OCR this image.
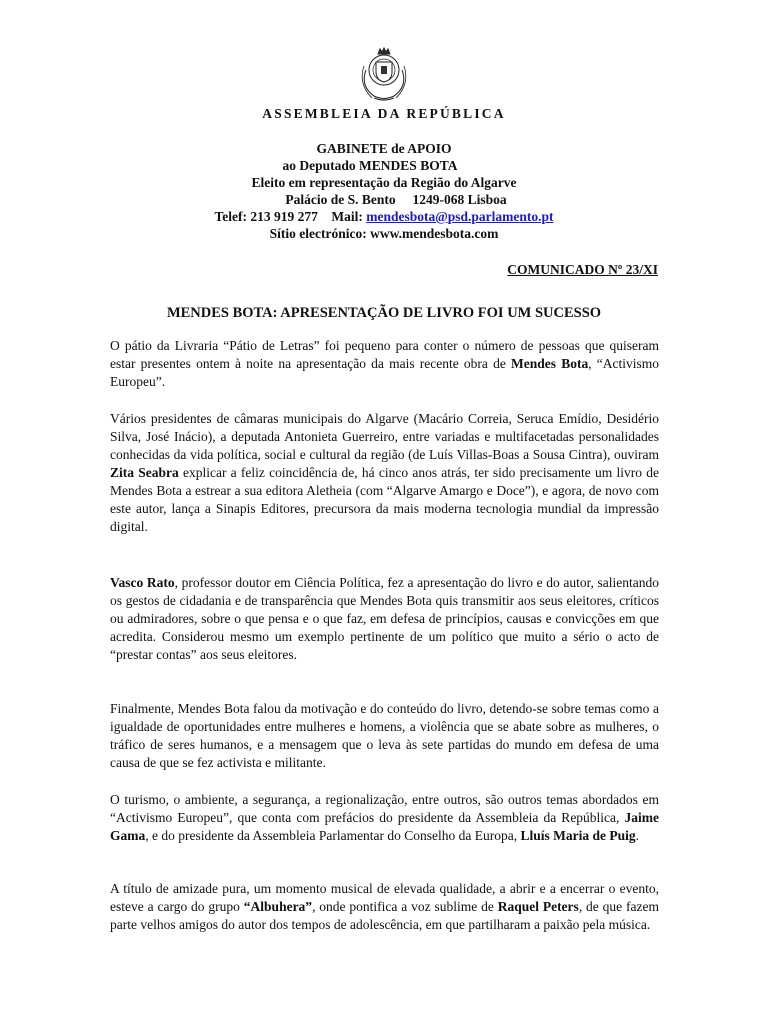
ASSEMBLEIA DA REPÚBLICA
GABINETE de APOIO
ao Deputado MENDES BOTA
Eleito em representação da Região do Algarve
Palácio de S. Bento     1249-068 Lisboa
Telef: 213 919 277    Mail: mendesbota@psd.parlamento.pt
Sítio electrónico: www.mendesbota.com
COMUNICADO Nº 23/XI
MENDES BOTA: APRESENTAÇÃO DE LIVRO FOI UM SUCESSO

O pátio da Livraria “Pátio de Letras” foi pequeno para conter o número de pessoas que quiseram estar presentes ontem à noite na apresentação da mais recente obra de Mendes Bota, “Activismo Europeu”.

Vários presidentes de câmaras municipais do Algarve (Macário Correia, Seruca Emídio, Desidério Silva, José Inácio), a deputada Antonieta Guerreiro, entre variadas e multifacetadas personalidades conhecidas da vida política, social e cultural da região (de Luís Villas-Boas a Sousa Cintra), ouviram Zita Seabra explicar a feliz coincidência de, há cinco anos atrás, ter sido precisamente um livro de Mendes Bota a estrear a sua editora Aletheia (com “Algarve Amargo e Doce”), e agora, de novo com este autor, lança a Sinapis Editores, precursora da mais moderna tecnologia mundial da impressão digital.

Vasco Rato, professor doutor em Ciência Política, fez a apresentação do livro e do autor, salientando os gestos de cidadania e de transparência que Mendes Bota quis transmitir aos seus eleitores, críticos ou admiradores, sobre o que pensa e o que faz, em defesa de princípios, causas e convicções em que acredita. Considerou mesmo um exemplo pertinente de um político que muito a sério o acto de “prestar contas” aos seus eleitores.

Finalmente, Mendes Bota falou da motivação e do conteúdo do livro, detendo-se sobre temas como a igualdade de oportunidades entre mulheres e homens, a violência que se abate sobre as mulheres, o tráfico de seres humanos, e a mensagem que o leva às sete partidas do mundo em defesa de uma causa de que se fez activista e militante.

O turismo, o ambiente, a segurança, a regionalização, entre outros, são outros temas abordados em “Activismo Europeu”, que conta com prefácios do presidente da Assembleia da República, Jaime Gama, e do presidente da Assembleia Parlamentar do Conselho da Europa, Lluís Maria de Puig.

A título de amizade pura, um momento musical de elevada qualidade, a abrir e a encerrar o evento, esteve a cargo do grupo “Albuhera”, onde pontifica a voz sublime de Raquel Peters, de que fazem parte velhos amigos do autor dos tempos de adolescência, em que partilharam a paixão pela música.
